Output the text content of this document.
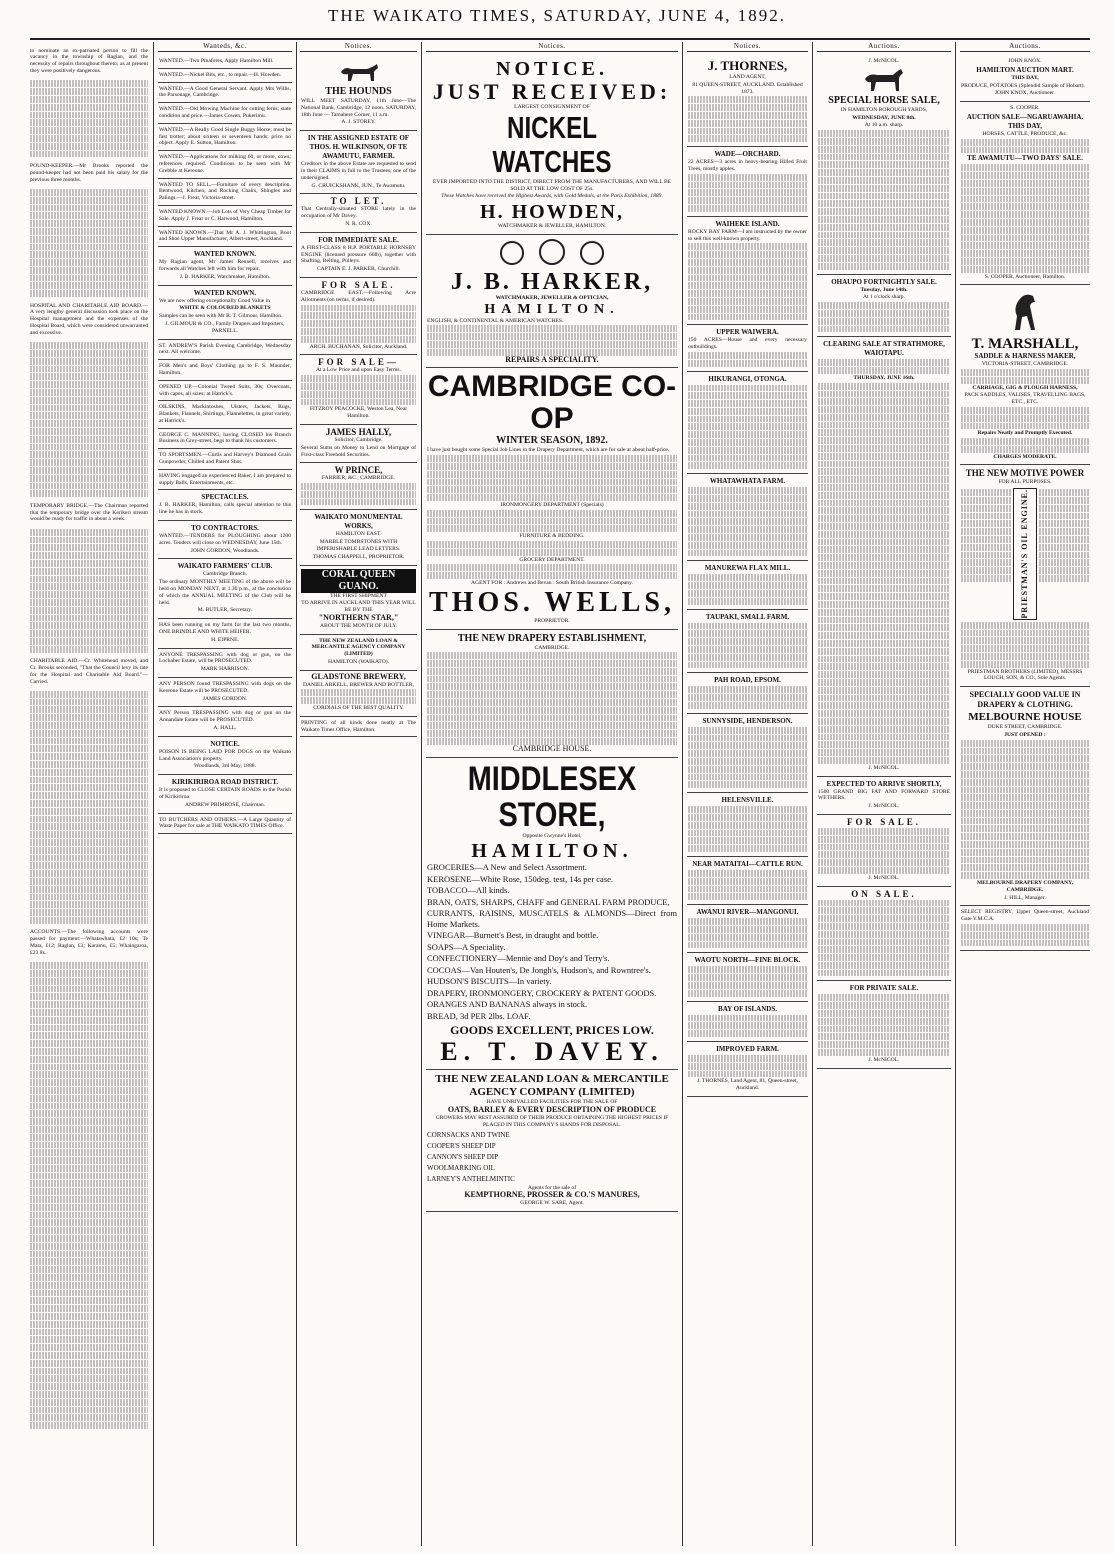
THE WAIKATO TIMES, SATURDAY, JUNE 4, 1892.

to nominate an ex-patriated person to fill the vacancy in the township of Raglan, and the necessity of repairs throughout thereto; as at present they were positively dangerous.

POUND-KEEPER.—Mr Brooks reported the pound-keeper had not been paid his salary for the previous three months.

HOSPITAL AND CHARITABLE AID BOARD.—A very lengthy general discussion took place on the Hospital management and the expenses of the Hospital Board, which were considered unwarranted and excessive.

TEMPORARY BRIDGE.—The Chairman reported that the temporary bridge over the Kerikeri stream would be ready for traffic in about a week.

CHARITABLE AID.—Cr. Whitehead moved, and Cr. Brooks seconded, "That the Council levy its rate for the Hospital and Charitable Aid Board."—Carried.

ACCOUNTS.—The following accounts were passed for payment:—Whatawhata, £2 10s; Te Mata, £12; Raglan, £3; Karamu, £5; Whaingaroa, £23 8s.

Wanteds, &c.
WANTED.—Two Pinafores, Apply Hamilton Mill.
WANTED.—Nickel Bits, etc., to repair.—H. Howden.
WANTED.—A Good General Servant. Apply Mrs Willis, the Parsonage, Cambridge.
WANTED.—Old Mowing Machine for cutting ferns; state condition and price.—James Cowen, Pukerimu.
WANTED.—A Really Good Single Buggy Horse; must be fast trotter; about sixteen or seventeen hands; price no object. Apply E. Sutton, Hamilton.
WANTED.—Applications for milking 60, or more, cows; references required. Conditions to be seen with Mr Grebble at Kereone.
WANTED TO SELL.—Furniture of every description. Bentwood, Kitchen, and Rocking Chairs, Shingles and Palings.—J. Frear, Victoria-street.
WANTED KNOWN.—Job Lots of Very Cheap Timber for Sale. Apply J. Frear or C. Harwood, Hamilton.
WANTED KNOWN.—That Mr A. J. Whittington, Boot and Shoe Upper Manufacturer, Albert-street, Auckland.
WANTED KNOWN.

My Raglan agent, Mr James Rennell, receives and forwards all Watches left with him for repair.

J. B. HARKER, Watchmaker, Hamilton.

WANTED KNOWN.

We are now offering exceptionally Good Value in

WHITE & COLOURED BLANKETS

Samples can be seen with Mr R. T. Gilmour, Hamilton.

J. GILMOUR & CO., Family Drapers and Importers, PARNELL.

ST. ANDREW'S Parish Evening Cambridge, Wednesday next. All welcome.
FOR Men's and Boys' Clothing go to F. S. Maunder, Hamilton.
OPENED UP.—Colonial Tweed Suits, 30s; Overcoats, with capes, all sizes; at Hatrick's.
OILSKINS, Mackintoshes, Ulsters, Jackets, Rugs, Blankets, Flannels, Shirtings, Flannelettes, in great variety, at Hatrick's.
GEORGE C. MANNING, having CLOSED his Branch Business in Grey-street, begs to thank his customers.
TO SPORTSMEN.—Curtis and Harvey's Diamond Grain Gunpowder, Chilled and Patent Shot.
HAVING engaged an experienced Baker, I am prepared to supply Balls, Entertainments, etc.
SPECTACLES.

J. B. HARKER, Hamilton, calls special attention to this line he has in stock.

TO CONTRACTORS.

WANTED.—TENDERS for PLOUGHING about 1200 acres. Tenders will close on WEDNESDAY, June 15th.

JOHN GORDON, Woodlands.

WAIKATO FARMERS' CLUB.

Cambridge Branch.

The ordinary MONTHLY MEETING of the above will be held on MONDAY NEXT, at 1.30 p.m., at the conclusion of which the ANNUAL MEETING of the Club will be held.

M. BUTLER, Secretary.

HAS been running on my farm for the last two months, ONE BRINDLE AND WHITE HEIFER.

H. EIPRNE.

ANYONE TRESPASSING with dog or gun, on the Lochaber Estate, will be PROSECUTED.

MARK HARRISON.

ANY PERSON found TRESPASSING with dogs on the Kereone Estate will be PROSECUTED.

JAMES GORDON.

ANY Person TRESPASSING with dog or gun on the Annandale Estate will be PROSECUTED.

A. HALL.

NOTICE.

POISON IS BEING LAID FOR DOGS on the Waikato Land Association's property.

Woodlands, 3rd May, 1888.

KIRIKIRIROA ROAD DISTRICT.

It is proposed to CLOSE CERTAIN ROADS in the Parish of Kirikiriroa.

ANDREW PRIMROSE, Chairman.

TO BUTCHERS AND OTHERS.—A Large Quantity of Waste Paper for sale at THE WAIKATO TIMES Office.
Notices.
THE HOUNDS

WILL MEET SATURDAY, 11th June—The National Bank, Cambridge, 12 noon. SATURDAY, 18th June — Tamahere Corner, 11 a.m.

A. J. STOREY.

IN THE ASSIGNED ESTATE OF THOS. H. WILKINSON, OF TE AWAMUTU, FARMER.

Creditors in the above Estate are requested to send in their CLAIMS in full to the Trustees, one of the undersigned.

G. CRUICKSHANK, JUN., Te Awamutu.

TO LET.

That Centrally-situated STORE lately in the occupation of Mr Davey.

N. R. COX.

FOR IMMEDIATE SALE.

A FIRST-CLASS 8 H.P. PORTABLE HORNSBY ENGINE (licensed pressure 60lb), together with Shafting, Belting, Pulleys.

CAPTAIN E. J. PARKER, Churchill.

FOR SALE.

CAMBRIDGE EAST.—Following Acre Allotments (on terms, if desired).

ARCH. BUCHANAN, Solicitor, Auckland.

FOR SALE—

At a Low Price and upon Easy Terms.

FITZROY PEACOCKE, Weston Lea, Near Hamilton.

JAMES HALLY,

Solicitor, Cambridge.

Several Sums on Money to Lend on Mortgage of First-class Freehold Securities.

W PRINCE,

FARRIER, &C., CAMBRIDGE.

WAIKATO MONUMENTAL WORKS,

HAMILTON EAST.

MARBLE TOMBSTONES WITH IMPERISHABLE LEAD LETTERS.

THOMAS CHAPPELL, PROPRIETOR.

CORAL QUEEN GUANO.

THE FIRST SHIPMENT

TO ARRIVE IN AUCKLAND THIS YEAR WILL BE BY THE

"NORTHERN STAR,"

ABOUT THE MONTH OF JULY.

THE NEW ZEALAND LOAN & MERCANTILE AGENCY COMPANY (LIMITED)

HAMILTON (WAIKATO).

GLADSTONE BREWERY,

DANIEL ARKELL, BREWER AND BOTTLER,

CORDIALS OF THE BEST QUALITY.

PRINTING of all kinds done neatly at The Waikato Times Office, Hamilton.
Notices.
NOTICE.
JUST RECEIVED:
LARGEST CONSIGNMENT OF
NICKEL WATCHES

EVER IMPORTED INTO THE DISTRICT, DIRECT FROM THE MANUFACTURERS, AND WILL BE SOLD AT THE LOW COST OF 25s.

These Watches have received the Highest Awards, with Gold Medals, at the Paris Exhibition, 1889.

H. HOWDEN,

WATCHMAKER & JEWELLER, HAMILTON.

J. B. HARKER,
WATCHMAKER, JEWELLER & OPTICIAN,
HAMILTON.

ENGLISH, & CONTINENTAL & AMERICAN WATCHES.

REPAIRS A SPECIALITY.

CAMBRIDGE CO-OP
WINTER SEASON, 1892.

I have just bought some Special Job Lines in the Drapery Department, which are for sale at about half-price.

IRONMONGERY DEPARTMENT (Specials)

FURNITURE & BEDDING.

GROCERY DEPARTMENT.

AGENT FOR : Andrews and Bevan : South British Insurance Company.

THOS. WELLS,

PROPRIETOR.

THE NEW DRAPERY ESTABLISHMENT,

CAMBRIDGE.

CAMBRIDGE HOUSE.

MIDDLESEX STORE,

Opposite Gwynne's Hotel,

HAMILTON.

GROCERIES—A New and Select Assortment.

KEROSENE—White Rose, 150deg. test, 14s per case.

TOBACCO—All kinds.

BRAN, OATS, SHARPS, CHAFF and GENERAL FARM PRODUCE,

CURRANTS, RAISINS, MUSCATELS & ALMONDS—Direct from Home Markets.

VINEGAR—Burnett's Best, in draught and bottle.

SOAPS—A Speciality.

CONFECTIONERY—Mennie and Doy's and Terry's.

COCOAS—Van Houten's, De Jongh's, Hudson's, and Rowntree's.

HUDSON'S BISCUITS—In variety.

DRAPERY, IRONMONGERY, CROCKERY & PATENT GOODS.

ORANGES AND BANANAS always in stock.

BREAD, 3d PER 2lbs. LOAF.

GOODS EXCELLENT, PRICES LOW.
E. T. DAVEY.
THE NEW ZEALAND LOAN & MERCANTILE AGENCY COMPANY (LIMITED)

HAVE UNRIVALLED FACILITIES FOR THE SALE OF

OATS, BARLEY & EVERY DESCRIPTION OF PRODUCE

GROWERS MAY REST ASSURED OF THEIR PRODUCE OBTAINING THE HIGHEST PRICES IF PLACED IN THIS COMPANY'S HANDS FOR DISPOSAL.

CORNSACKS AND TWINE

COOPER'S SHEEP DIP

CANNON'S SHEEP DIP

WOOLMARKING OIL

LARNEY'S ANTHELMINTIC

Agents for the sale of

KEMPTHORNE, PROSSER & CO.'S MANURES,

GEORGE W. SARE, Agent.

Notices.
J. THORNES,

LAND AGENT,

81 QUEEN-STREET, AUCKLAND. Established 1873.

WADE—ORCHARD.

22 ACRES—3 acres in heavy-bearing Hilled Fruit Trees, mostly apples.

WAIHEKE ISLAND.

ROCKY BAY FARM—I am instructed by the owner to sell this well-known property.

UPPER WAIWERA.

150 ACRES—House and every necessary outbuildings.

HIKURANGI, OTONGA.
WHATAWHATA FARM.
MANUREWA FLAX MILL.
TAUPAKI, SMALL FARM.
PAH ROAD, EPSOM.
SUNNYSIDE, HENDERSON.
HELENSVILLE.
NEAR MATAITAI—CATTLE RUN.
AWANUI RIVER—MANGONUI.
WAOTU NORTH—FINE BLOCK.
BAY OF ISLANDS.
IMPROVED FARM.

J. THORNES, Land Agent, 81, Queen-street, Auckland.

Auctions.

J. McNICOL.

SPECIAL HORSE SALE,

IN HAMILTON BOROUGH YARDS,

WEDNESDAY, JUNE 8th.

At 10 a.m. sharp.

OHAUPO FORTNIGHTLY SALE.

Tuesday, June 14th.

At 1 o'clock sharp.

CLEARING SALE AT STRATHMORE, WAIOTAPU.

THURSDAY, JUNE 16th.

J. McNICOL.

EXPECTED TO ARRIVE SHORTLY,

1500 GRAND BIG FAT AND FORWARD STORE WETHERS.

J. McNICOL.

FOR SALE.

J. McNICOL.

ON SALE.
FOR PRIVATE SALE.

J. McNICOL.

Auctions.

JOHN KNOX.

HAMILTON AUCTION MART.

THIS DAY,

PRODUCE, POTATOES (Splendid Sample of Hobart).

JOHN KNOX, Auctioneer.

S. COOPER.

AUCTION SALE—NGARUAWAHIA. THIS DAY,

HORSES, CATTLE, PRODUCE, &c.

TE AWAMUTU—TWO DAYS' SALE.

S. COOPER, Auctioneer, Hamilton.

T. MARSHALL,

SADDLE & HARNESS MAKER,

VICTORIA-STREET, CAMBRIDGE.

CARRIAGE, GIG & PLOUGH HARNESS,

PACK SADDLES, VALISES, TRAVELLING BAGS, ETC., ETC.

Repairs Neatly and Promptly Executed.

CHARGES MODERATE.

THE NEW MOTIVE POWER

FOR ALL PURPOSES.

PRIESTMAN'S OIL ENGINE.

PRIESTMAN BROTHERS (LIMITED), MESSRS LOUCH, SON, & CO., Sole Agents.

SPECIALLY GOOD VALUE IN DRAPERY & CLOTHING.

MELBOURNE HOUSE

DUKE STREET, CAMBRIDGE.

JUST OPENED :

MELBOURNE DRAPERY COMPANY, CAMBRIDGE.

J. HILL, Manager.

SELECT REGISTRY, Upper Queen-street, Auckland Gate Y.M.C.A.
